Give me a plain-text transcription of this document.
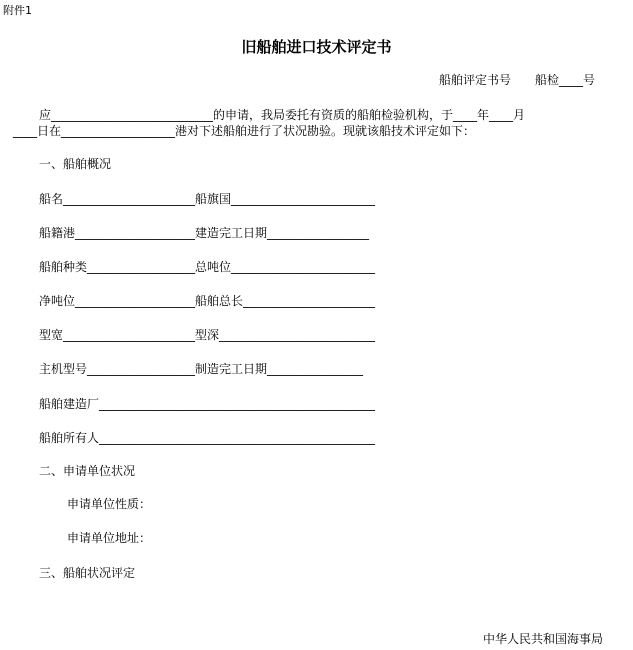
附件1
旧船舶进口技术评定书
船舶评定书号　　船检____号
应___________________________的申请，我局委托有资质的船舶检验机构，于____年____月
____日在___________________港对下述船舶进行了状况勘验。现就该船技术评定如下：
一、船舶概况
船名______________________船旗国________________________
船籍港____________________建造完工日期_________________
船舶种类__________________总吨位________________________
净吨位____________________船舶总长______________________
型宽______________________型深__________________________
主机型号__________________制造完工日期________________
船舶建造厂______________________________________________
船舶所有人______________________________________________
二、申请单位状况
申请单位性质：
申请单位地址：
三、船舶状况评定
中华人民共和国海事局
